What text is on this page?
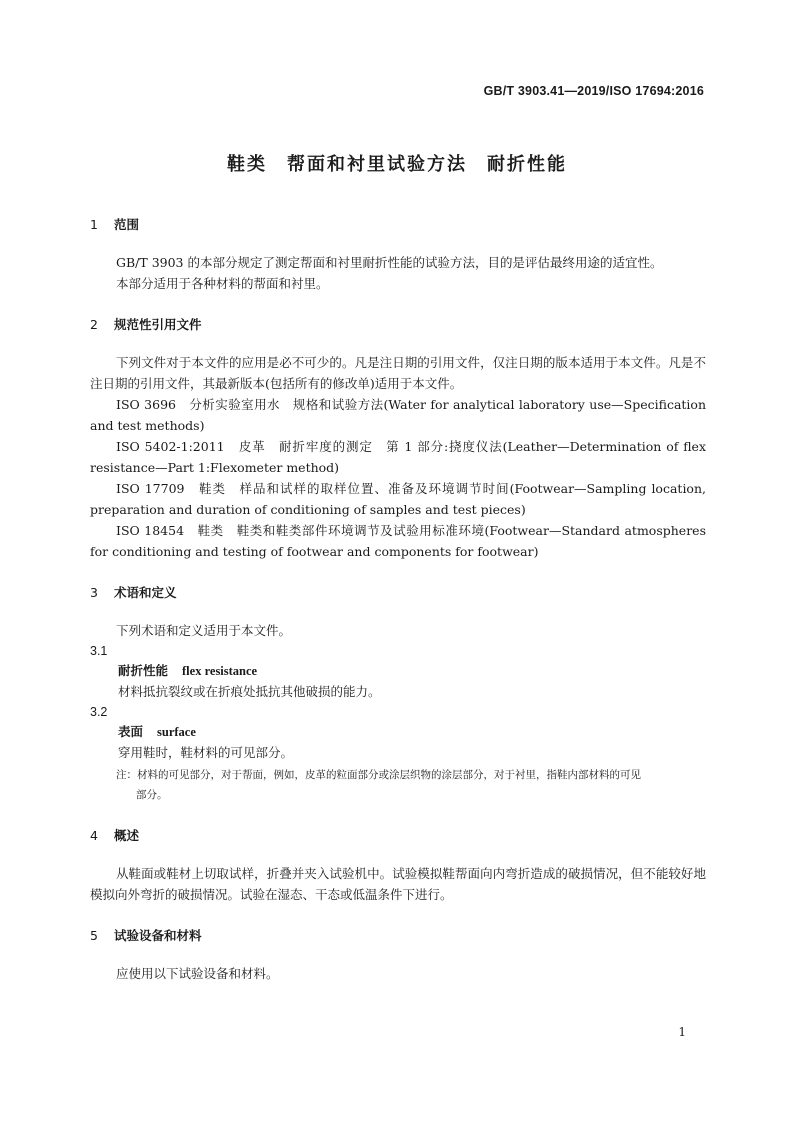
GB/T 3903.41—2019/ISO 17694:2016
鞋类　帮面和衬里试验方法　耐折性能
1 范围

GB/T 3903 的本部分规定了测定帮面和衬里耐折性能的试验方法，目的是评估最终用途的适宜性。

本部分适用于各种材料的帮面和衬里。

2 规范性引用文件

下列文件对于本文件的应用是必不可少的。凡是注日期的引用文件，仅注日期的版本适用于本文件。凡是不注日期的引用文件，其最新版本(包括所有的修改单)适用于本文件。

ISO 3696　分析实验室用水　规格和试验方法(Water for analytical laboratory use—Specification and test methods)

ISO 5402-1:2011　皮革　耐折牢度的测定　第 1 部分:挠度仪法(Leather—Determination of flex resistance—Part 1:Flexometer method)

ISO 17709　鞋类　样品和试样的取样位置、准备及环境调节时间(Footwear—Sampling location, preparation and duration of conditioning of samples and test pieces)

ISO 18454　鞋类　鞋类和鞋类部件环境调节及试验用标准环境(Footwear—Standard atmospheres for conditioning and testing of footwear and components for footwear)

3 术语和定义

下列术语和定义适用于本文件。

3.1
耐折性能 flex resistance

材料抵抗裂纹或在折痕处抵抗其他破损的能力。

3.2
表面 surface

穿用鞋时，鞋材料的可见部分。

注：材料的可见部分，对于帮面，例如，皮革的粒面部分或涂层织物的涂层部分，对于衬里，指鞋内部材料的可见

部分。
4 概述

从鞋面或鞋材上切取试样，折叠并夹入试验机中。试验模拟鞋帮面向内弯折造成的破损情况，但不能较好地模拟向外弯折的破损情况。试验在湿态、干态或低温条件下进行。

5 试验设备和材料

应使用以下试验设备和材料。

1
